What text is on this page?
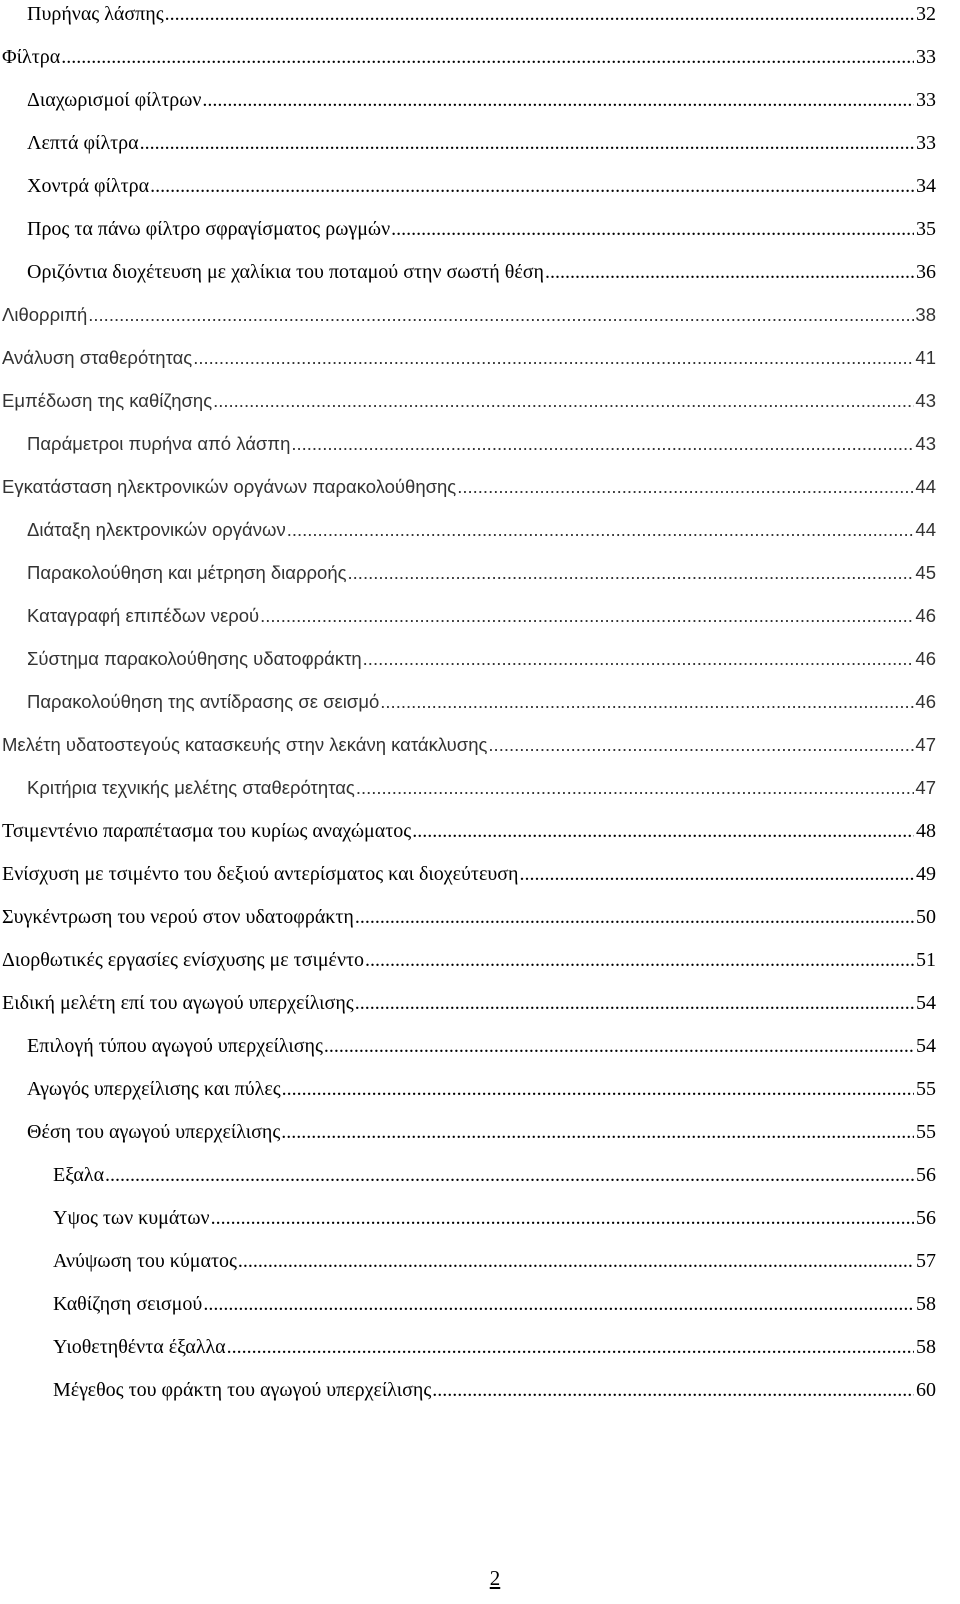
Πυρήνας λάσπης .....	32
Φίλτρα .....	33
Διαχωρισμοί φίλτρων .....	33
Λεπτά φίλτρα .....	33
Χοντρά φίλτρα .....	34
Προς τα πάνω φίλτρο σφραγίσματος ρωγμών .....	35
Οριζόντια διοχέτευση με χαλίκια του ποταμού στην σωστή θέση .....	36
Λιθορριπή .....	38
Ανάλυση σταθερότητας .....	41
Εμπέδωση της καθίζησης .....	43
Παράμετροι πυρήνα από λάσπη .....	43
Εγκατάσταση ηλεκτρονικών οργάνων παρακολούθησης .....	44
Διάταξη ηλεκτρονικών οργάνων .....	44
Παρακολούθηση και μέτρηση διαρροής .....	45
Καταγραφή επιπέδων νερού .....	46
Σύστημα παρακολούθησης υδατοφράκτη .....	46
Παρακολούθηση της αντίδρασης σε σεισμό .....	46
Μελέτη υδατοστεγούς κατασκευής στην λεκάνη κατάκλυσης .....	47
Κριτήρια τεχνικής μελέτης σταθερότητας .....	47
Τσιμεντένιο παραπέτασμα του κυρίως αναχώματος .....	48
Ενίσχυση με τσιμέντο του δεξιού αντερίσματος και διοχεύτευση .....	49
Συγκέντρωση του νερού στον υδατοφράκτη .....	50
Διορθωτικές εργασίες ενίσχυσης με τσιμέντο .....	51
Ειδική μελέτη επί του αγωγού υπερχείλισης .....	54
Επιλογή τύπου αγωγού υπερχείλισης .....	54
Αγωγός υπερχείλισης και πύλες .....	55
Θέση του αγωγού υπερχείλισης .....	55
Εξαλα .....	56
Υψος των κυμάτων .....	56
Ανύψωση του κύματος .....	57
Καθίζηση σεισμού .....	58
Υιοθετηθέντα έξαλλα .....	58
Μέγεθος του φράκτη του αγωγού υπερχείλισης .....	60
2
